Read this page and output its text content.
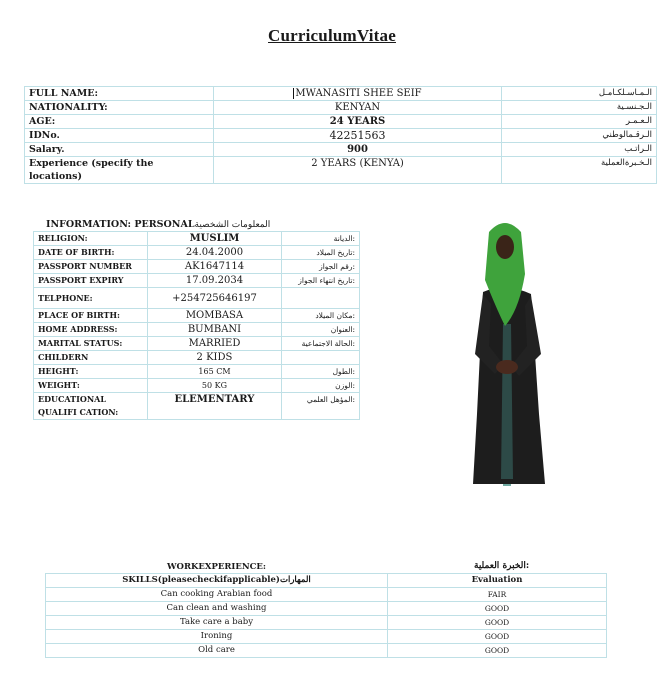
CurriculumVitae
FULL NAME:	MWANASITI SHEE SEIF	الـمـاسـلكـامـل
NATIONALITY:	KENYAN	الـجـنسـية
AGE:	24 YEARS	الـعـمـر
IDNo.	42251563	الـرقـمالوطني
Salary.	900	الـراتـب
Experience (specify the locations)	2 YEARS (KENYA)	الـخـبرةالعملية
INFORMATION: PERSONALالمعلومات الشخصية
RELIGION:	MUSLIM	الديانة:
DATE OF BIRTH:	24.04.2000	تاريخ الميلاد:
PASSPORT NUMBER	AK1647114	رقم الجواز:
PASSPORT EXPIRY	17.09.2034	تاريخ انتهاء الجواز:
TELPHONE:	+254725646197	
PLACE OF BIRTH:	MOMBASA	مكان الميلاد:
HOME ADDRESS:	BUMBANI	العنوان:
MARITAL STATUS:	MARRIED	الحالة الاجتماعية:
CHILDERN	2 KIDS	
HEIGHT:	165 CM	الطول:
WEIGHT:	50 KG	الوزن:
EDUCATIONAL QUALIFI CATION:	ELEMENTARY	المؤهل العلمي:
WORKEXPERIENCE:	الخبرة العملية:
SKILLS(pleasecheckifapplicable)المهارات	Evaluation
Can cooking Arabian food	FAIR
Can clean and washing	GOOD
Take care a baby	GOOD
Ironing	GOOD
Old care	GOOD
